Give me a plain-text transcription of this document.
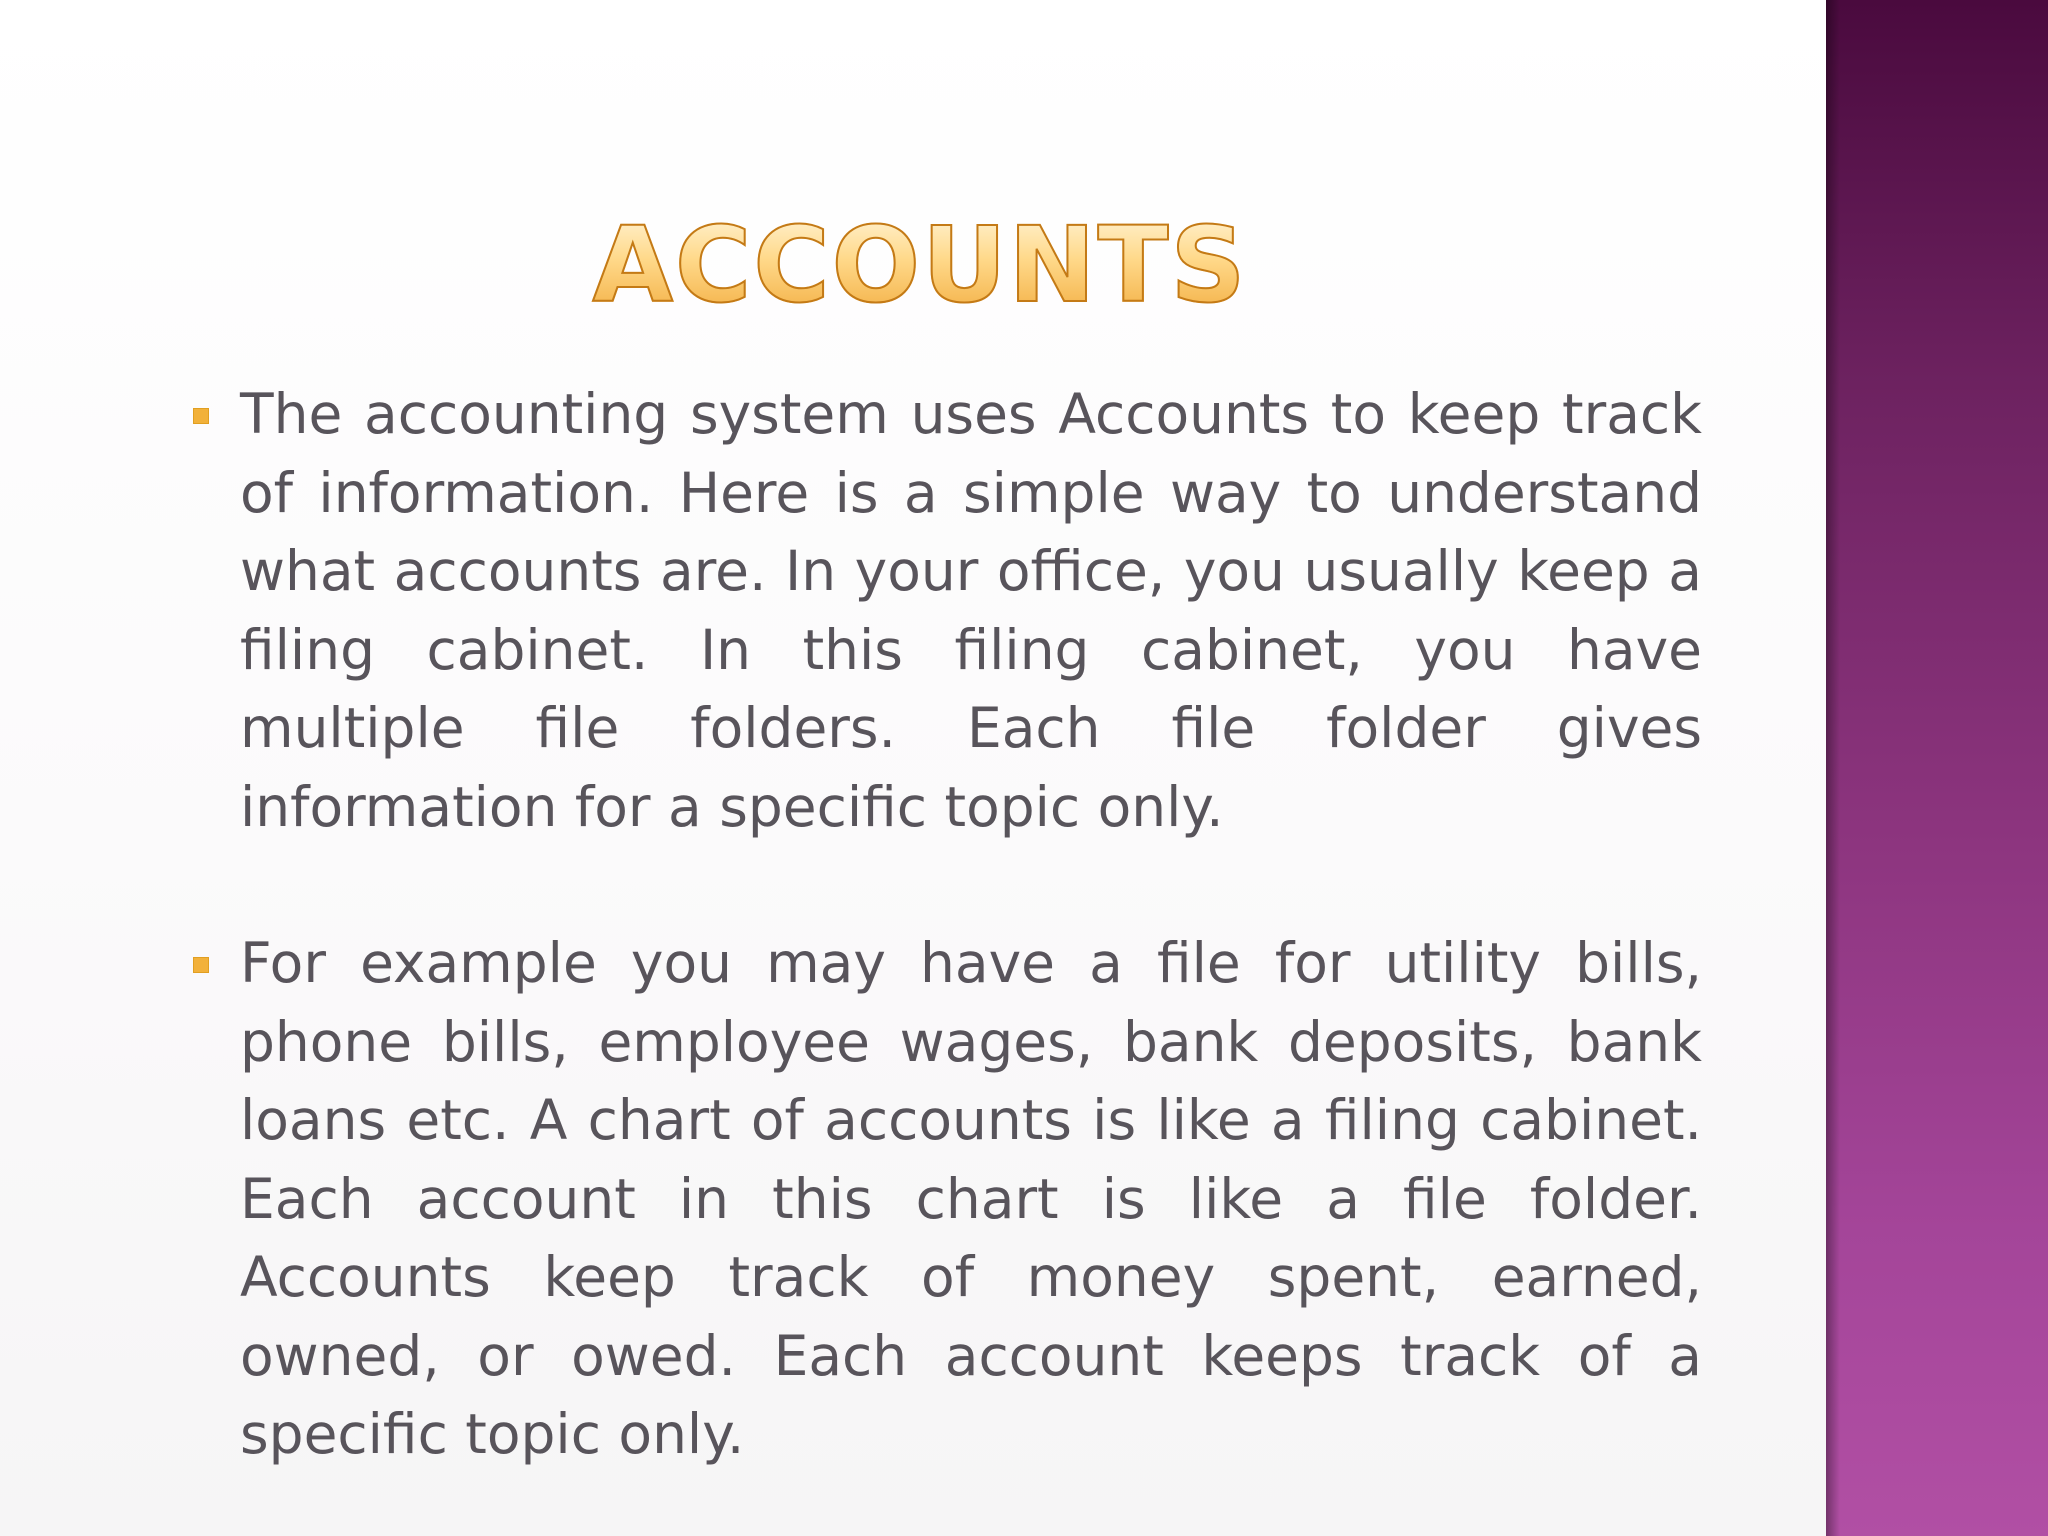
ACCOUNTS
The accounting system uses Accounts to keep track of information. Here is a simple way to understand what accounts are. In your office, you usually keep a filing cabinet. In this filing cabinet, you have multiple file folders. Each file folder gives information for a specific topic only.
For example you may have a file for utility bills, phone bills, employee wages, bank deposits, bank loans etc. A chart of accounts is like a filing cabinet. Each account in this chart is like a file folder. Accounts keep track of money spent, earned, owned, or owed. Each account keeps track of a specific topic only.
